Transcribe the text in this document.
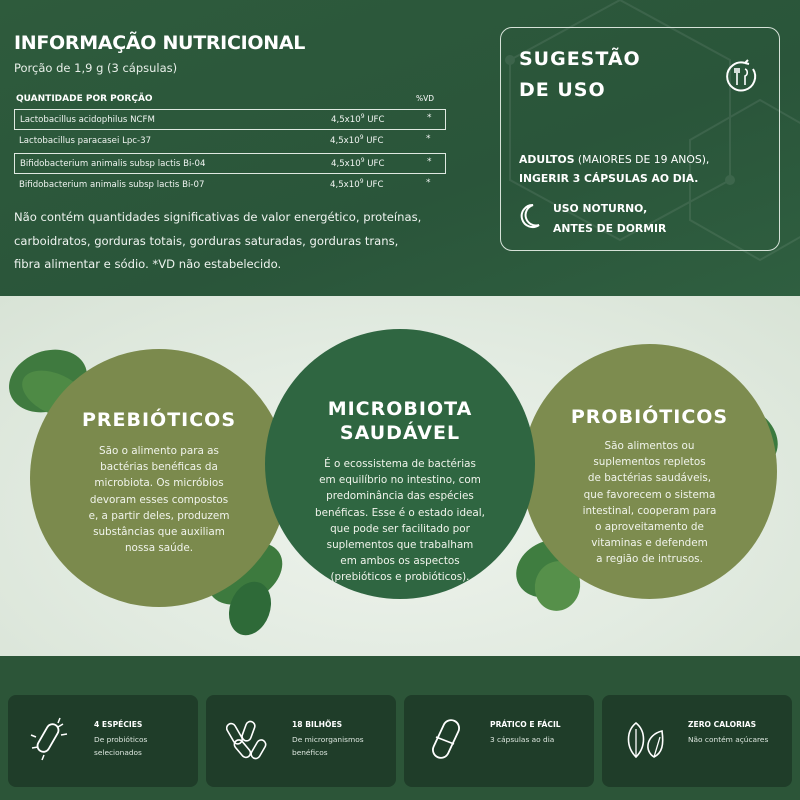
INFORMAÇÃO NUTRICIONAL
Porção de 1,9 g (3 cápsulas)
QUANTIDADE POR PORÇÃO	%VD
Lactobacillus acidophilus NCFM	$4,5x10^9$ UFC	*
Lactobacillus paracasei Lpc-37	$4,5x10^9$ UFC	*
Bifidobacterium animalis subsp lactis Bi-04	$4,5x10^9$ UFC	*
Bifidobacterium animalis subsp lactis Bi-07	$4,5x10^9$ UFC	*
Não contém quantidades significativas de valor energético, proteínas,
carboidratos, gorduras totais, gorduras saturadas, gorduras trans,
fibra alimentar e sódio. *VD não estabelecido.
SUGESTÃO
DE USO
ADULTOS (MAIORES DE 19 ANOS),
INGERIR 3 CÁPSULAS AO DIA.
USO NOTURNO,
ANTES DE DORMIR
PREBIÓTICOS
São o alimento para as
bactérias benéficas da
microbiota. Os micróbios
devoram esses compostos
e, a partir deles, produzem
substâncias que auxiliam
nossa saúde.
PROBIÓTICOS
São alimentos ou
suplementos repletos
de bactérias saudáveis,
que favorecem o sistema
intestinal, cooperam para
o aproveitamento de
vitaminas e defendem
a região de intrusos.
MICROBIOTA
SAUDÁVEL
É o ecossistema de bactérias
em equilíbrio no intestino, com
predominância das espécies
benéficas. Esse é o estado ideal,
que pode ser facilitado por
suplementos que trabalham
em ambos os aspectos
(prebióticos e probióticos).
4 ESPÉCIES
De probióticos
selecionados
18 BILHÕES
De microrganismos
benéficos
PRÁTICO E FÁCIL
3 cápsulas ao dia
ZERO CALORIAS
Não contém açúcares
